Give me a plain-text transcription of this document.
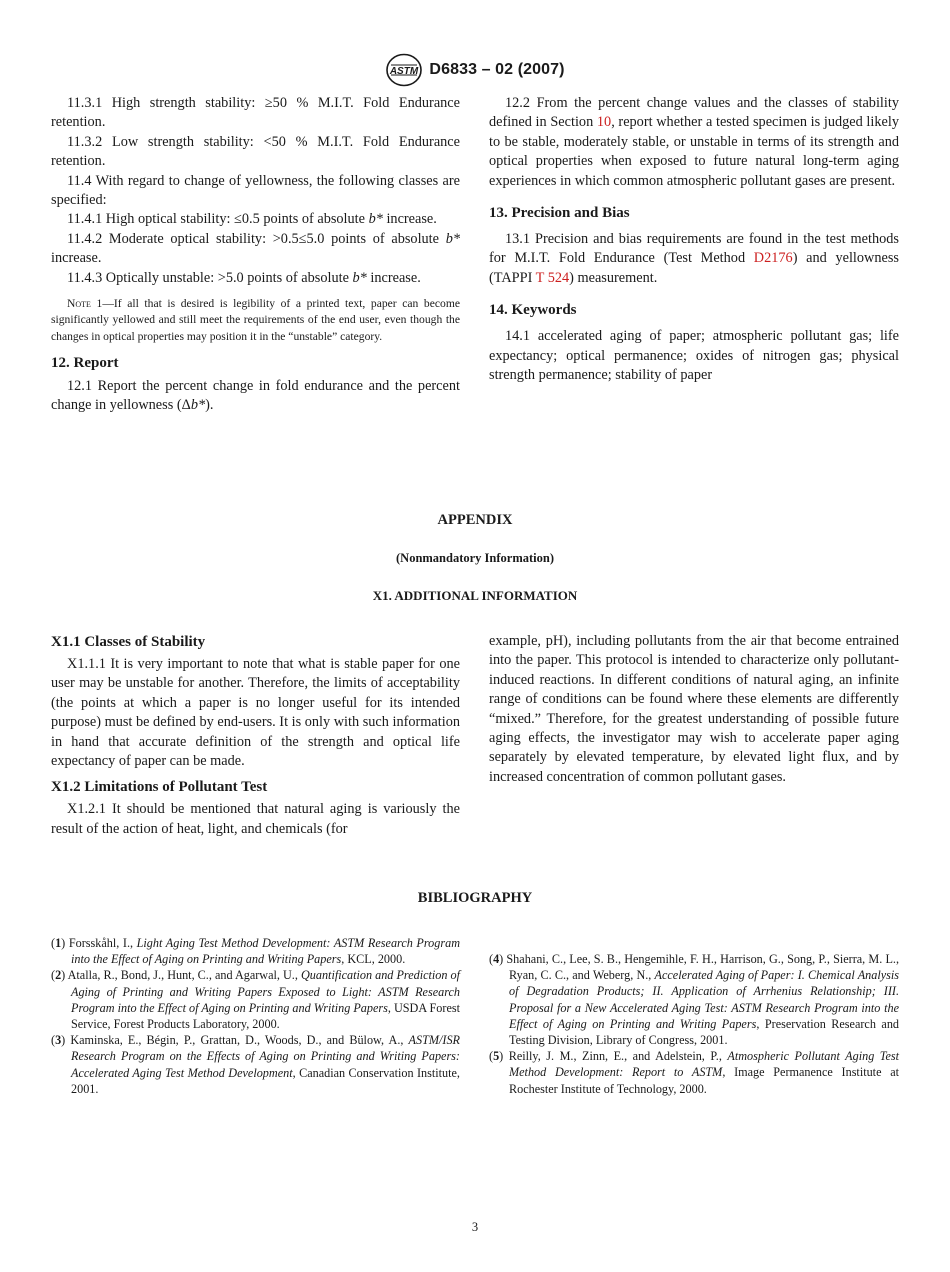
ASTM D6833 – 02 (2007)

11.3.1 High strength stability: ≥50 % M.I.T. Fold Endurance retention.

11.3.2 Low strength stability: <50 % M.I.T. Fold Endurance retention.

11.4 With regard to change of yellowness, the following classes are specified:

11.4.1 High optical stability: ≤0.5 points of absolute b* increase.

11.4.2 Moderate optical stability: >0.5≤5.0 points of absolute b* increase.

11.4.3 Optically unstable: >5.0 points of absolute b* increase.

Note 1—If all that is desired is legibility of a printed text, paper can become significantly yellowed and still meet the requirements of the end user, even though the changes in optical properties may position it in the “unstable” category.

12. Report

12.1 Report the percent change in fold endurance and the percent change in yellowness (Δb*).

12.2 From the percent change values and the classes of stability defined in Section 10, report whether a tested specimen is judged likely to be stable, moderately stable, or unstable in terms of its strength and optical properties when exposed to future natural long-term aging experiences in which common atmospheric pollutant gases are present.

13. Precision and Bias

13.1 Precision and bias requirements are found in the test methods for M.I.T. Fold Endurance (Test Method D2176) and yellowness (TAPPI T 524) measurement.

14. Keywords

14.1 accelerated aging of paper; atmospheric pollutant gas; life expectancy; optical permanence; oxides of nitrogen gas; physical strength permanence; stability of paper

APPENDIX
(Nonmandatory Information)
X1. ADDITIONAL INFORMATION

X1.1 Classes of Stability

X1.1.1 It is very important to note that what is stable paper for one user may be unstable for another. Therefore, the limits of acceptability (the points at which a paper is no longer useful for its intended purpose) must be defined by end-users. It is only with such information in hand that accurate definition of the strength and optical life expectancy of paper can be made.

X1.2 Limitations of Pollutant Test

X1.2.1 It should be mentioned that natural aging is variously the result of the action of heat, light, and chemicals (for

example, pH), including pollutants from the air that become entrained into the paper. This protocol is intended to characterize only pollutant-induced reactions. In different conditions of natural aging, an infinite range of conditions can be found where these elements are differently “mixed.” Therefore, for the greatest understanding of possible future aging effects, the investigator may wish to accelerate paper aging separately by elevated temperature, by elevated light flux, and by increased concentration of common pollutant gases.

BIBLIOGRAPHY

(1) Forsskåhl, I., Light Aging Test Method Development: ASTM Research Program into the Effect of Aging on Printing and Writing Papers, KCL, 2000.

(2) Atalla, R., Bond, J., Hunt, C., and Agarwal, U., Quantification and Prediction of Aging of Printing and Writing Papers Exposed to Light: ASTM Research Program into the Effect of Aging on Printing and Writing Papers, USDA Forest Service, Forest Products Laboratory, 2000.

(3) Kaminska, E., Bégin, P., Grattan, D., Woods, D., and Bülow, A., ASTM/ISR Research Program on the Effects of Aging on Printing and Writing Papers: Accelerated Aging Test Method Development, Canadian Conservation Institute, 2001.

(4) Shahani, C., Lee, S. B., Hengemihle, F. H., Harrison, G., Song, P., Sierra, M. L., Ryan, C. C., and Weberg, N., Accelerated Aging of Paper: I. Chemical Analysis of Degradation Products; II. Application of Arrhenius Relationship; III. Proposal for a New Accelerated Aging Test: ASTM Research Program into the Effect of Aging on Printing and Writing Papers, Preservation Research and Testing Division, Library of Congress, 2001.

(5) Reilly, J. M., Zinn, E., and Adelstein, P., Atmospheric Pollutant Aging Test Method Development: Report to ASTM, Image Permanence Institute at Rochester Institute of Technology, 2000.

3
